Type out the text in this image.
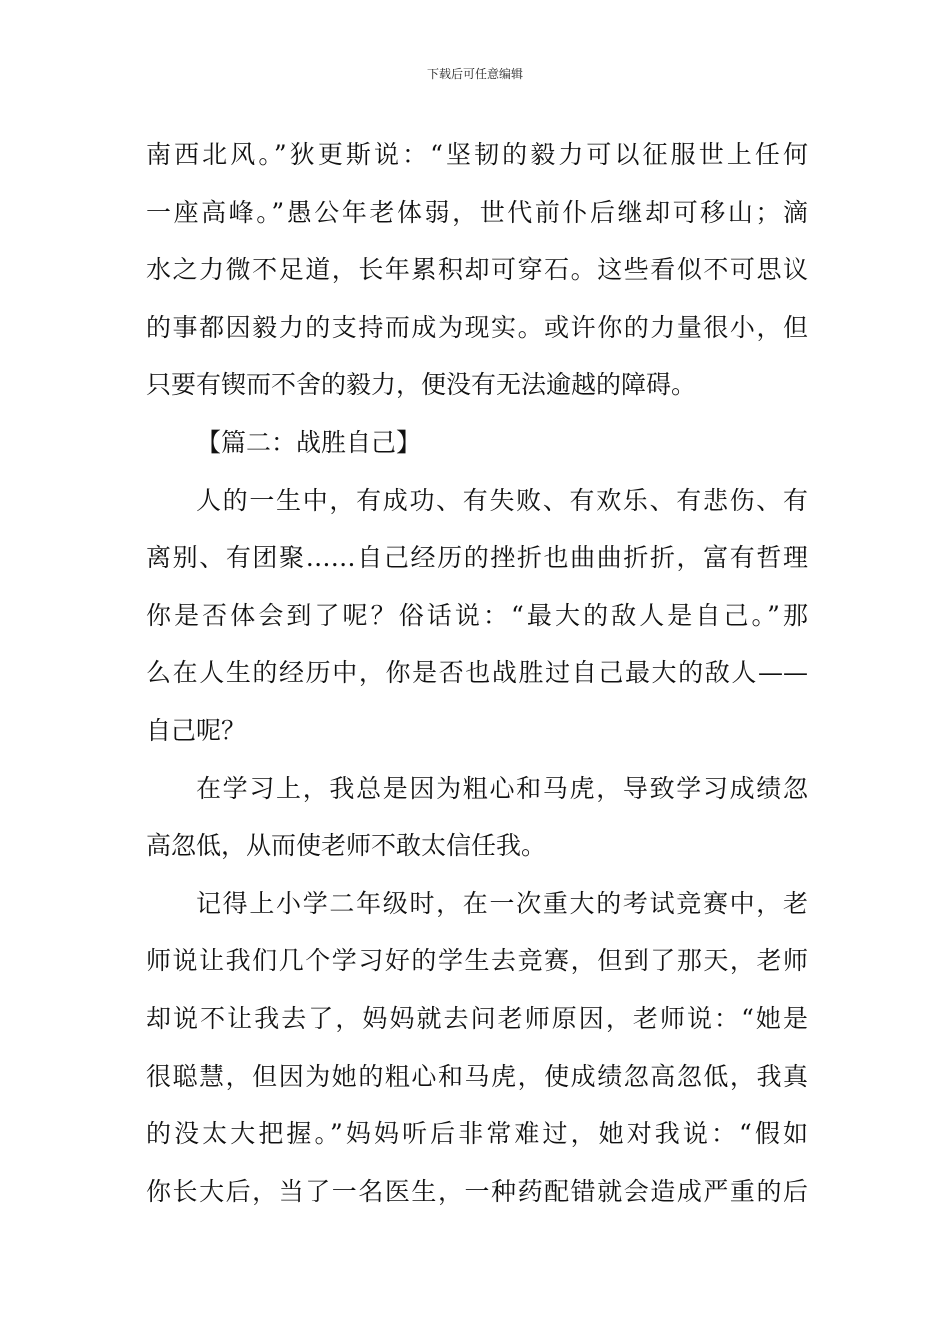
下载后可任意编辑
南西北风。”狄更斯说：“坚韧的毅力可以征服世上任何
一座高峰。”愚公年老体弱，世代前仆后继却可移山；滴
水之力微不足道，长年累积却可穿石。这些看似不可思议
的事都因毅力的支持而成为现实。或许你的力量很小，但
只要有锲而不舍的毅力，便没有无法逾越的障碍。
【篇二：战胜自己】
人的一生中，有成功、有失败、有欢乐、有悲伤、有
离别、有团聚……自己经历的挫折也曲曲折折，富有哲理
你是否体会到了呢？俗话说：“最大的敌人是自己。”那
么在人生的经历中，你是否也战胜过自己最大的敌人——
自己呢？
在学习上，我总是因为粗心和马虎，导致学习成绩忽
高忽低，从而使老师不敢太信任我。
记得上小学二年级时，在一次重大的考试竞赛中，老
师说让我们几个学习好的学生去竞赛，但到了那天，老师
却说不让我去了，妈妈就去问老师原因，老师说：“她是
很聪慧，但因为她的粗心和马虎，使成绩忽高忽低，我真
的没太大把握。”妈妈听后非常难过，她对我说：“假如
你长大后，当了一名医生，一种药配错就会造成严重的后
